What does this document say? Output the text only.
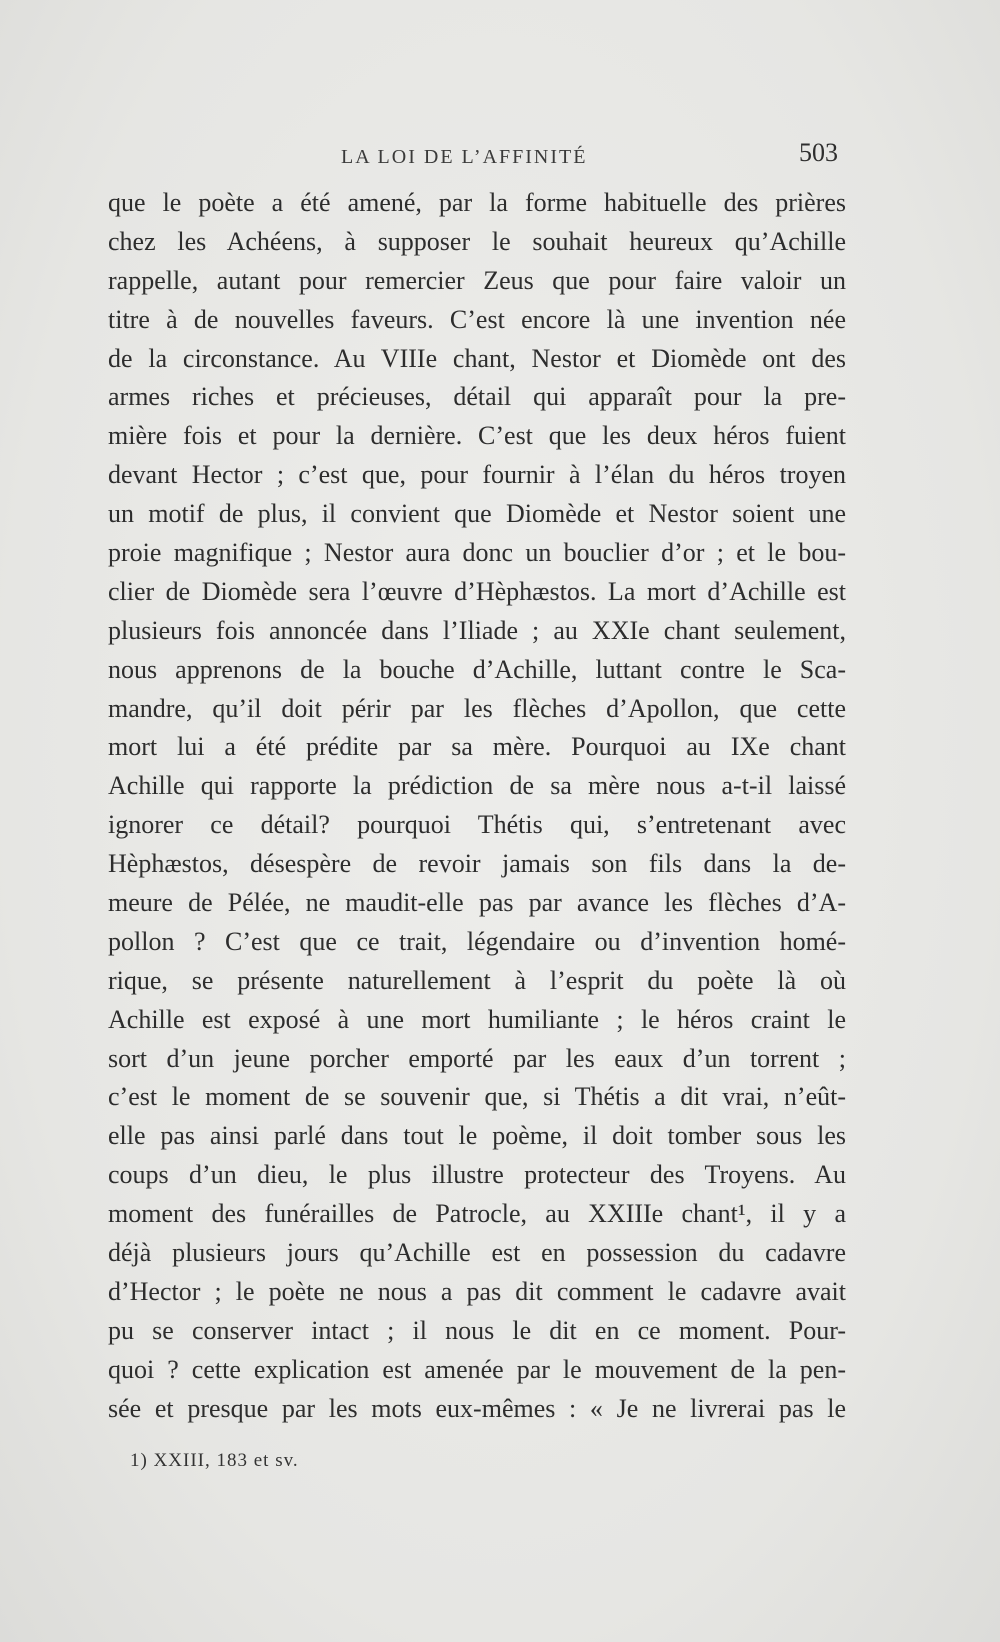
LA LOI DE L’AFFINITÉ	503
que le poète a été amené, par la forme habituelle des prières
chez les Achéens, à supposer le souhait heureux qu’Achille
rappelle, autant pour remercier Zeus que pour faire valoir un
titre à de nouvelles faveurs. C’est encore là une invention née
de la circonstance. Au VIIIe chant, Nestor et Diomède ont des
armes riches et précieuses, détail qui apparaît pour la pre-
mière fois et pour la dernière. C’est que les deux héros fuient
devant Hector ; c’est que, pour fournir à l’élan du héros troyen
un motif de plus, il convient que Diomède et Nestor soient une
proie magnifique ; Nestor aura donc un bouclier d’or ; et le bou-
clier de Diomède sera l’œuvre d’Hèphæstos. La mort d’Achille est
plusieurs fois annoncée dans l’Iliade ; au XXIe chant seulement,
nous apprenons de la bouche d’Achille, luttant contre le Sca-
mandre, qu’il doit périr par les flèches d’Apollon, que cette
mort lui a été prédite par sa mère. Pourquoi au IXe chant
Achille qui rapporte la prédiction de sa mère nous a-t-il laissé
ignorer ce détail? pourquoi Thétis qui, s’entretenant avec
Hèphæstos, désespère de revoir jamais son fils dans la de-
meure de Pélée, ne maudit-elle pas par avance les flèches d’A-
pollon ? C’est que ce trait, légendaire ou d’invention homé-
rique, se présente naturellement à l’esprit du poète là où
Achille est exposé à une mort humiliante ; le héros craint le
sort d’un jeune porcher emporté par les eaux d’un torrent ;
c’est le moment de se souvenir que, si Thétis a dit vrai, n’eût-
elle pas ainsi parlé dans tout le poème, il doit tomber sous les
coups d’un dieu, le plus illustre protecteur des Troyens. Au
moment des funérailles de Patrocle, au XXIIIe chant¹, il y a
déjà plusieurs jours qu’Achille est en possession du cadavre
d’Hector ; le poète ne nous a pas dit comment le cadavre avait
pu se conserver intact ; il nous le dit en ce moment. Pour-
quoi ? cette explication est amenée par le mouvement de la pen-
sée et presque par les mots eux-mêmes : « Je ne livrerai pas le
1) XXIII, 183 et sv.
